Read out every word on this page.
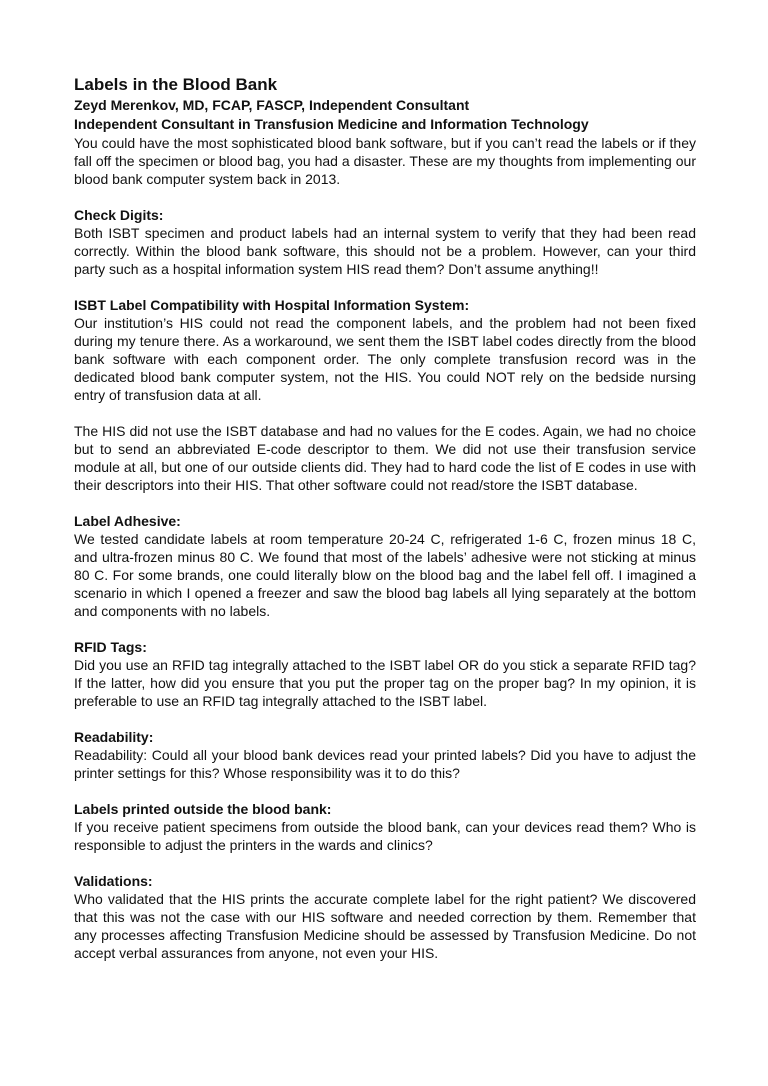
Labels in the Blood Bank

Zeyd Merenkov, MD, FCAP, FASCP, Independent Consultant

Independent Consultant in Transfusion Medicine and Information Technology

You could have the most sophisticated blood bank software, but if you can’t read the labels or if they fall off the specimen or blood bag, you had a disaster. These are my thoughts from implementing our blood bank computer system back in 2013.

Check Digits:

Both ISBT specimen and product labels had an internal system to verify that they had been read correctly. Within the blood bank software, this should not be a problem. However, can your third party such as a hospital information system HIS read them? Don’t assume anything!!

ISBT Label Compatibility with Hospital Information System:

Our institution’s HIS could not read the component labels, and the problem had not been fixed during my tenure there. As a workaround, we sent them the ISBT label codes directly from the blood bank software with each component order. The only complete transfusion record was in the dedicated blood bank computer system, not the HIS. You could NOT rely on the bedside nursing entry of transfusion data at all.

The HIS did not use the ISBT database and had no values for the E codes. Again, we had no choice but to send an abbreviated E-code descriptor to them. We did not use their transfusion service module at all, but one of our outside clients did. They had to hard code the list of E codes in use with their descriptors into their HIS. That other software could not read/store the ISBT database.

Label Adhesive:

We tested candidate labels at room temperature 20-24 C, refrigerated 1-6 C, frozen minus 18 C, and ultra-frozen minus 80 C. We found that most of the labels’ adhesive were not sticking at minus 80 C. For some brands, one could literally blow on the blood bag and the label fell off. I imagined a scenario in which I opened a freezer and saw the blood bag labels all lying separately at the bottom and components with no labels.

RFID Tags:

Did you use an RFID tag integrally attached to the ISBT label OR do you stick a separate RFID tag? If the latter, how did you ensure that you put the proper tag on the proper bag? In my opinion, it is preferable to use an RFID tag integrally attached to the ISBT label.

Readability:

Readability: Could all your blood bank devices read your printed labels? Did you have to adjust the printer settings for this? Whose responsibility was it to do this?

Labels printed outside the blood bank:

If you receive patient specimens from outside the blood bank, can your devices read them? Who is responsible to adjust the printers in the wards and clinics?

Validations:

Who validated that the HIS prints the accurate complete label for the right patient? We discovered that this was not the case with our HIS software and needed correction by them. Remember that any processes affecting Transfusion Medicine should be assessed by Transfusion Medicine. Do not accept verbal assurances from anyone, not even your HIS.
